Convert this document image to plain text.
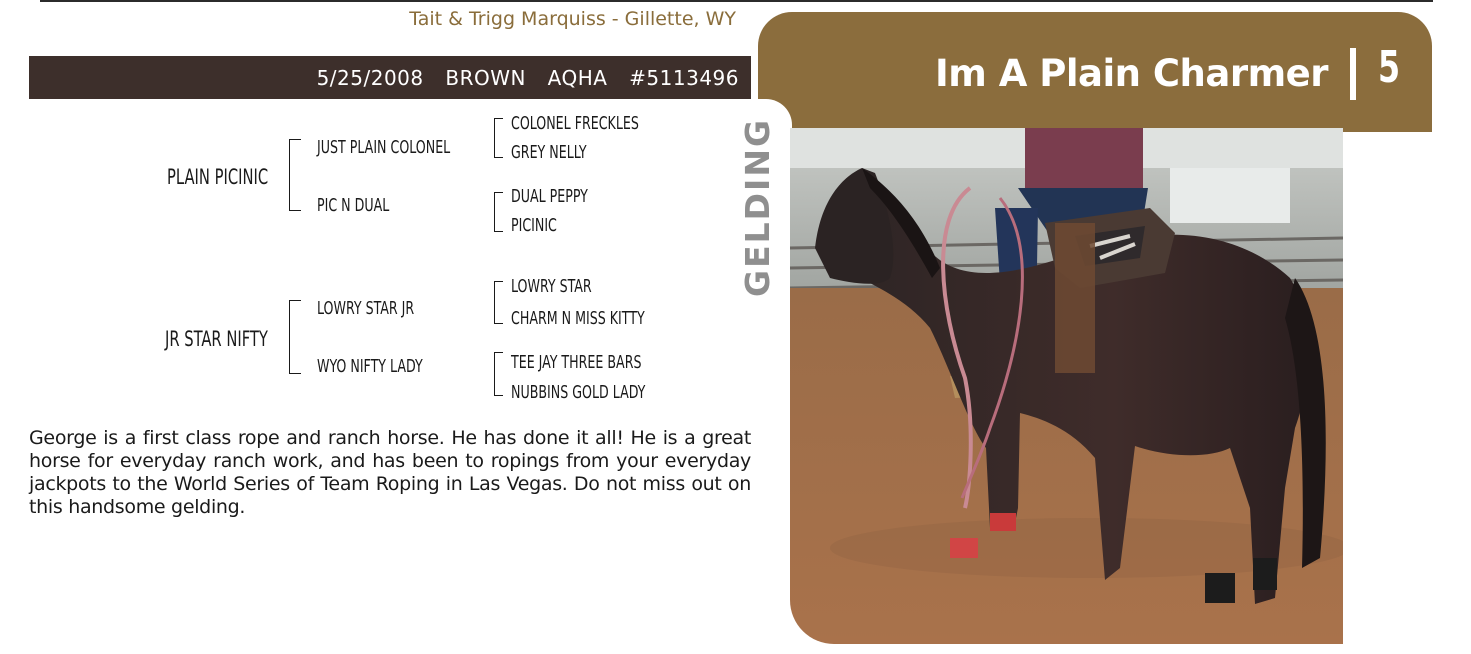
Tait & Trigg Marquiss - Gillette, WY
5/25/2008  BROWN  AQHA  #5113496	Im A Plain Charmer 5
GELDING
PLAIN PICINIC
JUST PLAIN COLONEL
PIC N DUAL
COLONEL FRECKLES
GREY NELLY
DUAL PEPPY
PICINIC
JR STAR NIFTY
LOWRY STAR JR
WYO NIFTY LADY
LOWRY STAR
CHARM N MISS KITTY
TEE JAY THREE BARS
NUBBINS GOLD LADY

George is a first class rope and ranch horse. He has done it all! He is a great horse for everyday ranch work, and has been to ropings from your everyday jackpots to the World Series of Team Roping in Las Vegas. Do not miss out on this handsome gelding.
